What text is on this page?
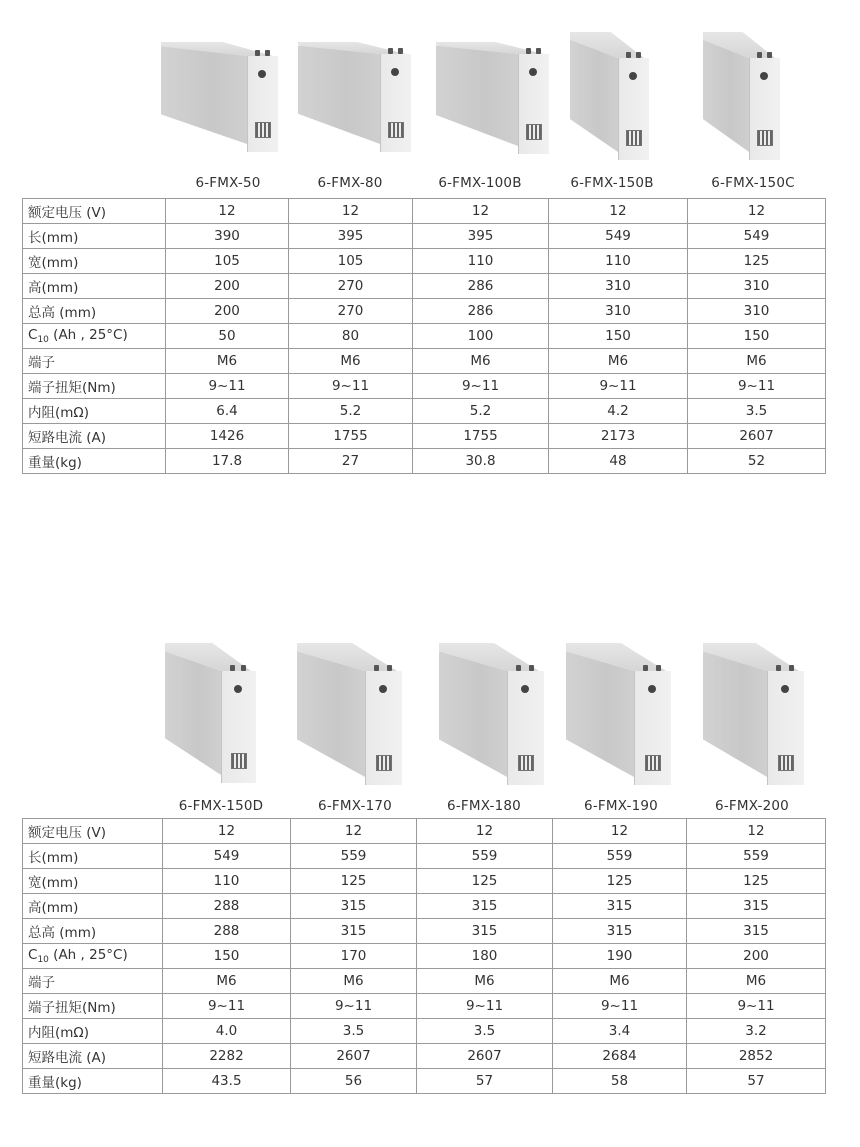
6-FMX-50	6-FMX-80	6-FMX-100B	6-FMX-150B	6-FMX-150C
额定电压 (V)	12	12	12	12	12
长(mm)	390	395	395	549	549
宽(mm)	105	105	110	110	125
高(mm)	200	270	286	310	310
总高 (mm)	200	270	286	310	310
$C_{10}$ (Ah , 25°C)	50	80	100	150	150
端子	M6	M6	M6	M6	M6
端子扭矩(Nm)	9~11	9~11	9~11	9~11	9~11
内阻(mΩ)	6.4	5.2	5.2	4.2	3.5
短路电流 (A)	1426	1755	1755	2173	2607
重量(kg)	17.8	27	30.8	48	52
6-FMX-150D	6-FMX-170	6-FMX-180	6-FMX-190	6-FMX-200
额定电压 (V)	12	12	12	12	12
长(mm)	549	559	559	559	559
宽(mm)	110	125	125	125	125
高(mm)	288	315	315	315	315
总高 (mm)	288	315	315	315	315
$C_{10}$ (Ah , 25°C)	150	170	180	190	200
端子	M6	M6	M6	M6	M6
端子扭矩(Nm)	9~11	9~11	9~11	9~11	9~11
内阻(mΩ)	4.0	3.5	3.5	3.4	3.2
短路电流 (A)	2282	2607	2607	2684	2852
重量(kg)	43.5	56	57	58	57
